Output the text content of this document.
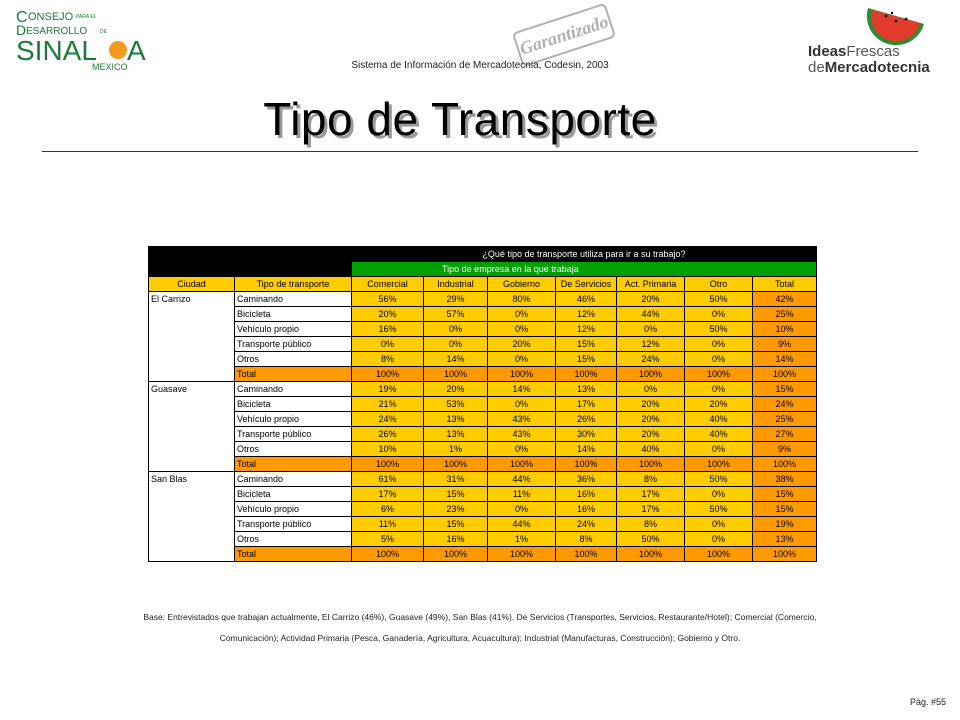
C ONSEJO PARA EL
D ESARROLLO	DE
SINAL A
MEXICO
Garantizado	IdeasFrescas
deMercadotecnia
Sistema de Información de Mercadotecnia, Codesin, 2003
Tipo de Transporte
		¿Qué tipo de transporte utiliza para ir a su trabajo?						
		Tipo de empresa en la que trabaja						
Ciudad	Tipo de transporte	Comercial	Industrial	Gobierno	De Servicios	Act. Primaria	Otro	Total
El Carrizo	Caminando	56%	29%	80%	46%	20%	50%	42%
	Bicicleta	20%	57%	0%	12%	44%	0%	25%
	Vehículo propio	16%	0%	0%	12%	0%	50%	10%
	Transporte público	0%	0%	20%	15%	12%	0%	9%
	Otros	8%	14%	0%	15%	24%	0%	14%
	Total	100%	100%	100%	100%	100%	100%	100%
Guasave	Caminando	19%	20%	14%	13%	0%	0%	15%
	Bicicleta	21%	53%	0%	17%	20%	20%	24%
	Vehículo propio	24%	13%	43%	26%	20%	40%	25%
	Transporte público	26%	13%	43%	30%	20%	40%	27%
	Otros	10%	1%	0%	14%	40%	0%	9%
	Total	100%	100%	100%	100%	100%	100%	100%
San Blas	Caminando	61%	31%	44%	36%	8%	50%	38%
	Bicicleta	17%	15%	11%	16%	17%	0%	15%
	Vehículo propio	6%	23%	0%	16%	17%	50%	15%
	Transporte público	11%	15%	44%	24%	8%	0%	19%
	Otros	5%	16%	1%	8%	50%	0%	13%
	Total	100%	100%	100%	100%	100%	100%	100%
Base: Entrevistados que trabajan actualmente, El Carrizo (46%), Guasave (49%), San Blas (41%). De Servicios (Transportes, Servicios, Restaurante/Hotel); Comercial (Comercio,
Comunicación); Actividad Primaria (Pesca, Ganadería, Agricultura, Acuacultura); Industrial (Manufacturas, Construcción); Gobierno y Otro.
Pág. #55
